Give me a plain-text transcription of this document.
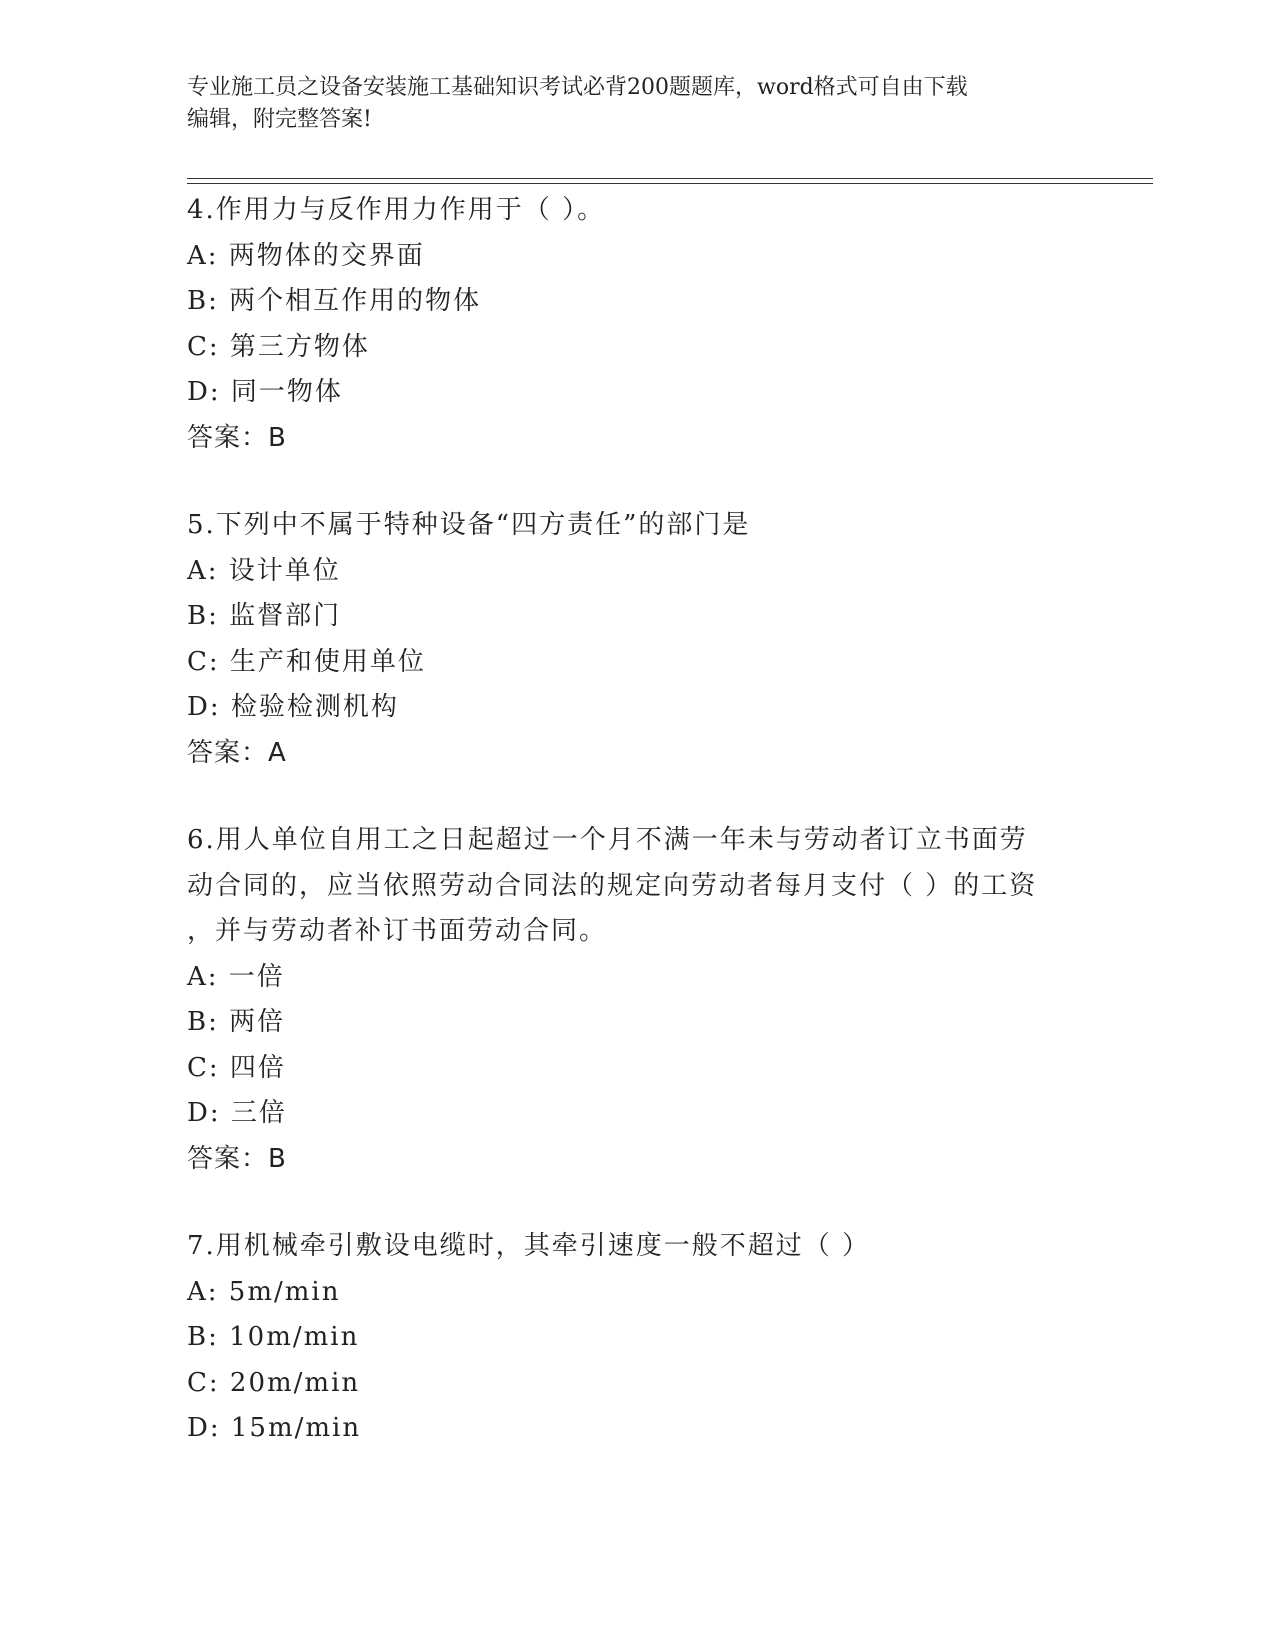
专业施工员之设备安装施工基础知识考试必背200题题库，word格式可自由下载
编辑，附完整答案!
4.作用力与反作用力作用于（ ）。
A: 两物体的交界面
B: 两个相互作用的物体
C: 第三方物体
D: 同一物体
答案：B
5.下列中不属于特种设备“四方责任”的部门是
A: 设计单位
B: 监督部门
C: 生产和使用单位
D: 检验检测机构
答案：A
6.用人单位自用工之日起超过一个月不满一年未与劳动者订立书面劳
动合同的，应当依照劳动合同法的规定向劳动者每月支付（ ）的工资
，并与劳动者补订书面劳动合同。
A: 一倍
B: 两倍
C: 四倍
D: 三倍
答案：B
7.用机械牵引敷设电缆时，其牵引速度一般不超过（ ）
A: 5m/min
B: 10m/min
C: 20m/min
D: 15m/min
